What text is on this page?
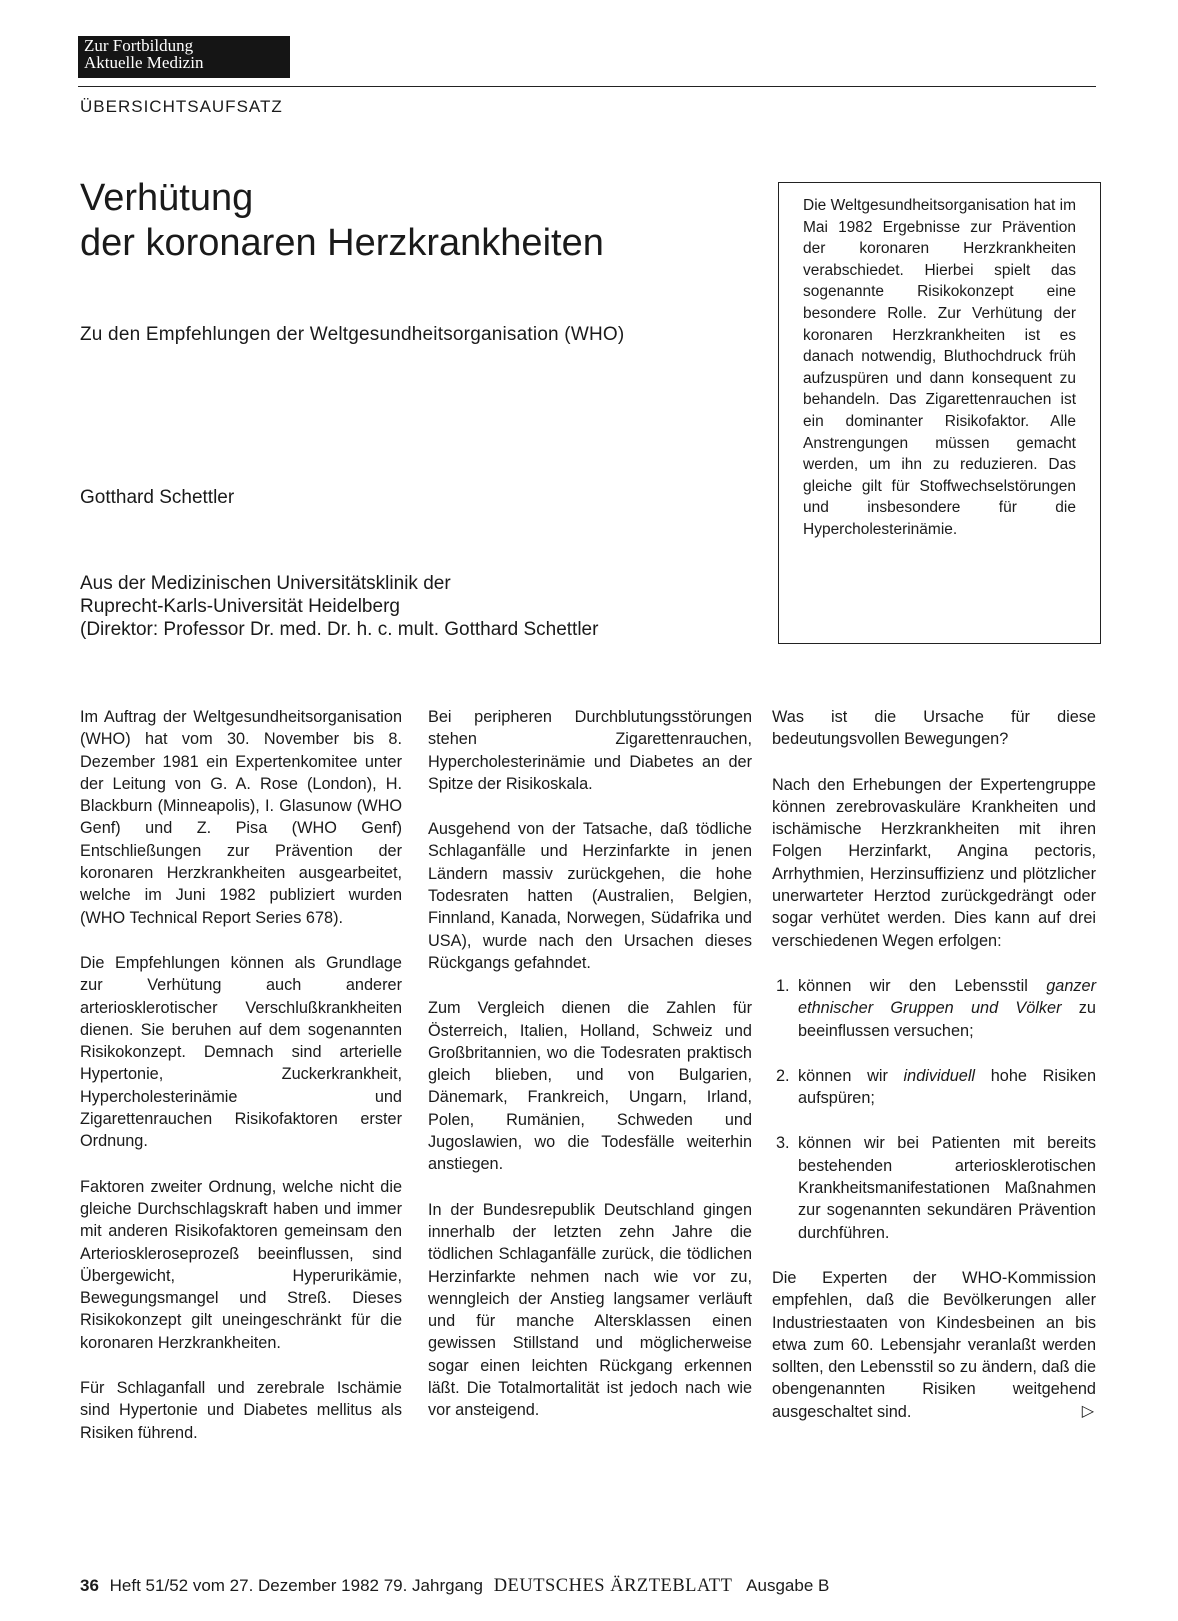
Zur Fortbildung
Aktuelle Medizin
ÜBERSICHTSAUFSATZ
Verhütung
der koronaren Herzkrankheiten
Zu den Empfehlungen der Weltgesundheitsorganisation (WHO)
Gotthard Schettler
Aus der Medizinischen Universitätsklinik der
Ruprecht-Karls-Universität Heidelberg
(Direktor: Professor Dr. med. Dr. h. c. mult. Gotthard Schettler
Die Weltgesundheitsorganisation hat im Mai 1982 Ergebnisse zur Prävention der koronaren Herzkrankheiten verabschiedet. Hierbei spielt das sogenannte Risikokonzept eine besondere Rolle. Zur Verhütung der koronaren Herzkrankheiten ist es danach notwendig, Bluthochdruck früh aufzuspüren und dann konsequent zu behandeln. Das Zigarettenrauchen ist ein dominanter Risikofaktor. Alle Anstrengungen müssen gemacht werden, um ihn zu reduzieren. Das gleiche gilt für Stoffwechselstörungen und insbesondere für die Hypercholesterinämie.

Im Auftrag der Weltgesundheitsorganisation (WHO) hat vom 30. November bis 8. Dezember 1981 ein Expertenkomitee unter der Leitung von G. A. Rose (London), H. Blackburn (Minneapolis), I. Glasunow (WHO Genf) und Z. Pisa (WHO Genf) Entschließungen zur Prävention der koronaren Herzkrankheiten ausgearbeitet, welche im Juni 1982 publiziert wurden (WHO Technical Report Series 678).

Die Empfehlungen können als Grundlage zur Verhütung auch anderer arteriosklerotischer Verschlußkrankheiten dienen. Sie beruhen auf dem sogenannten Risikokonzept. Demnach sind arterielle Hypertonie, Zuckerkrankheit, Hypercholesterinämie und Zigarettenrauchen Risikofaktoren erster Ordnung.

Faktoren zweiter Ordnung, welche nicht die gleiche Durchschlagskraft haben und immer mit anderen Risikofaktoren gemeinsam den Arterioskleroseprozeß beeinflussen, sind Übergewicht, Hyperurikämie, Bewegungsmangel und Streß. Dieses Risikokonzept gilt uneingeschränkt für die koronaren Herzkrankheiten.

Für Schlaganfall und zerebrale Ischämie sind Hypertonie und Diabetes mellitus als Risiken führend.

Bei peripheren Durchblutungsstörungen stehen Zigarettenrauchen, Hypercholesterinämie und Diabetes an der Spitze der Risikoskala.

Ausgehend von der Tatsache, daß tödliche Schlaganfälle und Herzinfarkte in jenen Ländern massiv zurückgehen, die hohe Todesraten hatten (Australien, Belgien, Finnland, Kanada, Norwegen, Südafrika und USA), wurde nach den Ursachen dieses Rückgangs gefahndet.

Zum Vergleich dienen die Zahlen für Österreich, Italien, Holland, Schweiz und Großbritannien, wo die Todesraten praktisch gleich blieben, und von Bulgarien, Dänemark, Frankreich, Ungarn, Irland, Polen, Rumänien, Schweden und Jugoslawien, wo die Todesfälle weiterhin anstiegen.

In der Bundesrepublik Deutschland gingen innerhalb der letzten zehn Jahre die tödlichen Schlaganfälle zurück, die tödlichen Herzinfarkte nehmen nach wie vor zu, wenngleich der Anstieg langsamer verläuft und für manche Altersklassen einen gewissen Stillstand und möglicherweise sogar einen leichten Rückgang erkennen läßt. Die Totalmortalität ist jedoch nach wie vor ansteigend.

Was ist die Ursache für diese bedeutungsvollen Bewegungen?

Nach den Erhebungen der Expertengruppe können zerebrovaskuläre Krankheiten und ischämische Herzkrankheiten mit ihren Folgen Herzinfarkt, Angina pectoris, Arrhythmien, Herzinsuffizienz und plötzlicher unerwarteter Herztod zurückgedrängt oder sogar verhütet werden. Dies kann auf drei verschiedenen Wegen erfolgen:

1. können wir den Lebensstil ganzer ethnischer Gruppen und Völker zu beeinflussen versuchen;
2. können wir individuell hohe Risiken aufspüren;
3. können wir bei Patienten mit bereits bestehenden arteriosklerotischen Krankheitsmanifestationen Maßnahmen zur sogenannten sekundären Prävention durchführen.

Die Experten der WHO-Kommission empfehlen, daß die Bevölkerungen aller Industriestaaten von Kindesbeinen an bis etwa zum 60. Lebensjahr veranlaßt werden sollten, den Lebensstil so zu ändern, daß die obengenannten Risiken weitgehend ausgeschaltet sind.	▷

36 Heft 51/52 vom 27. Dezember 1982 79. Jahrgang DEUTSCHES ÄRZTEBLATT Ausgabe B
